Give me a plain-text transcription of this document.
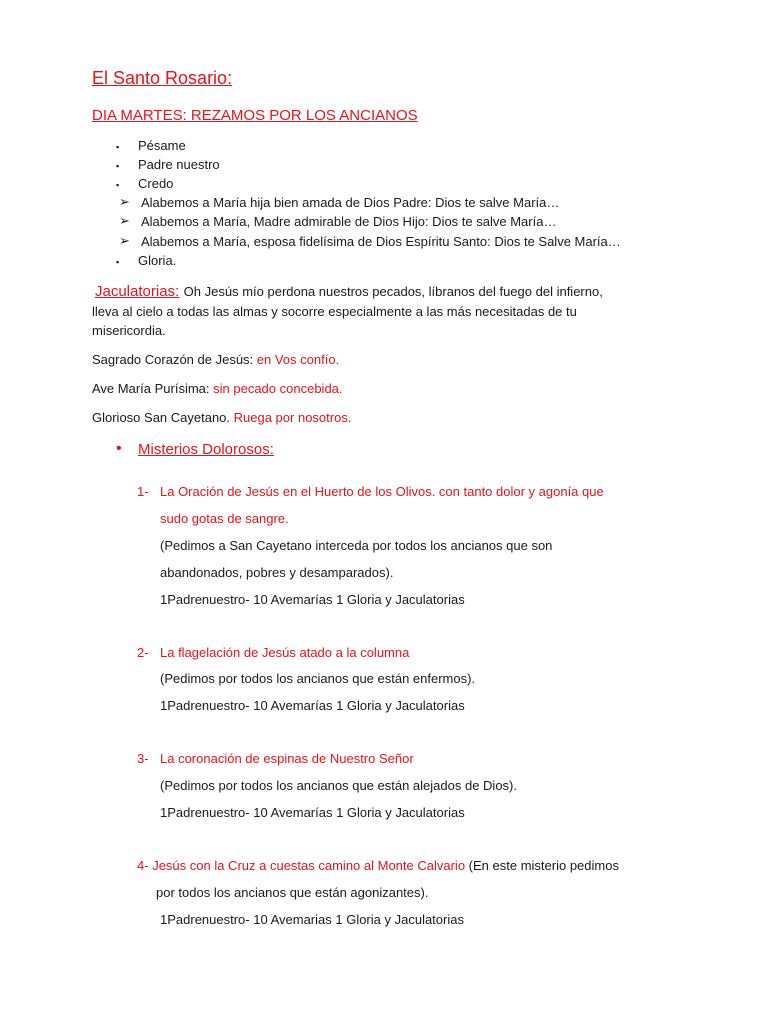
El Santo Rosario:
DIA MARTES: REZAMOS POR LOS ANCIANOS
▪ Pésame
▪ Padre nuestro
▪ Credo
➢ Alabemos a María hija bien amada de Dios Padre: Dios te salve María…
➢ Alabemos a María, Madre admirable de Dios Hijo: Dios te salve María…
➢ Alabemos a María, esposa fidelísima de Dios Espíritu Santo: Dios te Salve María…
▪ Gloria.
Jaculatorias: Oh Jesús mío perdona nuestros pecados, líbranos del fuego del infierno,
lleva al cielo a todas las almas y socorre especialmente a las más necesitadas de tu
misericordia.
Sagrado Corazón de Jesús: en Vos confío.
Ave María Purísima: sin pecado concebida.
Glorioso San Cayetano. Ruega por nosotros.
• Misterios Dolorosos:
1- La Oración de Jesús en el Huerto de los Olivos. con tanto dolor y agonía que
sudo gotas de sangre.
(Pedimos a San Cayetano interceda por todos los ancianos que son
abandonados, pobres y desamparados).
1Padrenuestro- 10 Avemarías 1 Gloria y Jaculatorias
2- La flagelación de Jesús atado a la columna
(Pedimos por todos los ancianos que están enfermos).
1Padrenuestro- 10 Avemarías 1 Gloria y Jaculatorias
3- La coronación de espinas de Nuestro Señor
(Pedimos por todos los ancianos que están alejados de Dios).
1Padrenuestro- 10 Avemarías 1 Gloria y Jaculatorias
4- Jesús con la Cruz a cuestas camino al Monte Calvario (En este misterio pedimos
por todos los ancianos que están agonizantes).
1Padrenuestro- 10 Avemarias 1 Gloria y Jaculatorias
